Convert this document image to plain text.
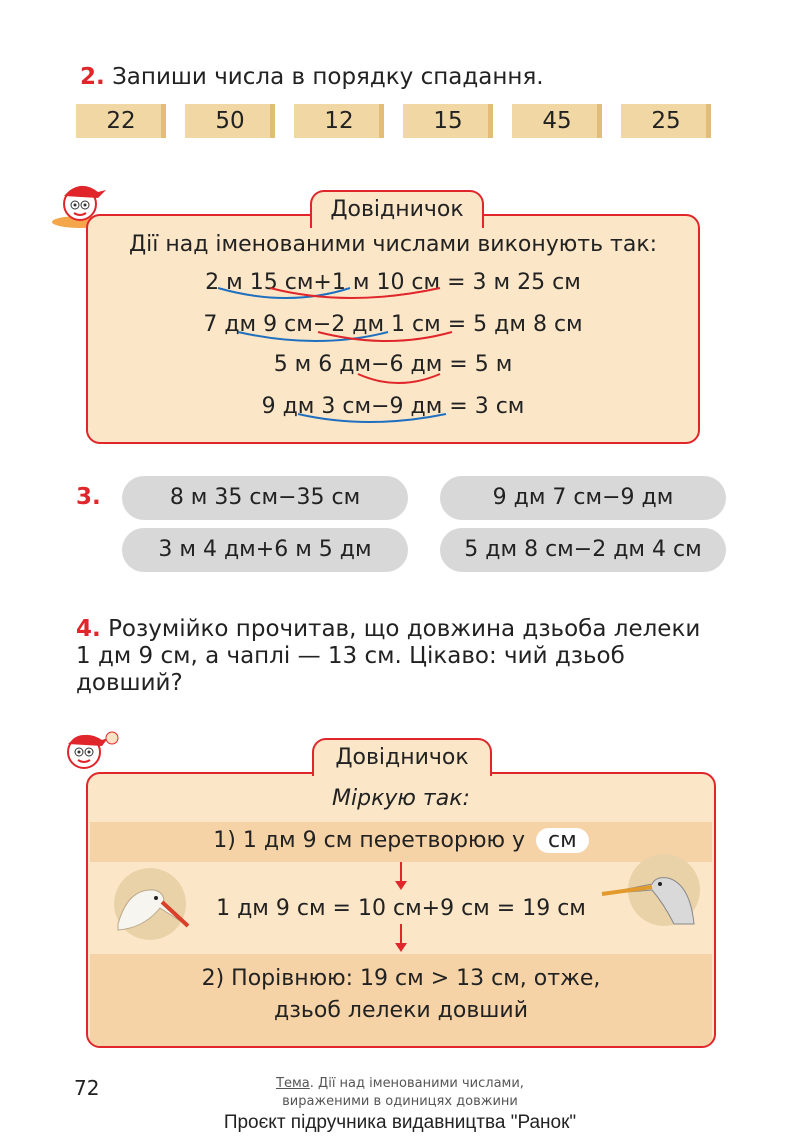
2. Запиши числа в порядку спадання.
22	50	12	15	45	25
Дії над іменованими числами виконують так:
2 м 15 см+1 м 10 см = 3 м 25 см
7 дм 9 см−2 дм 1 см = 5 дм 8 см
5 м 6 дм−6 дм = 5 м
9 дм 3 см−9 дм = 3 см
Довідничок
3.	8 м 35 см−35 см	9 дм 7 см−9 дм
3 м 4 дм+6 м 5 дм	5 дм 8 см−2 дм 4 см
4. Розумійко прочитав, що довжина дзьоба лелеки
1 дм 9 см, а чаплі — 13 см. Цікаво: чий дзьоб
довший?
Міркую так:
1) 1 дм 9 см перетворюю у см
1 дм 9 см = 10 см+9 см = 19 см
2) Порівнюю: 19 см > 13 см, отже,
дзьоб лелеки довший
Довідничок
72	Тема. Дії над іменованими числами,
вираженими в одиницях довжини
Проєкт підручника видавництва "Ранок"
